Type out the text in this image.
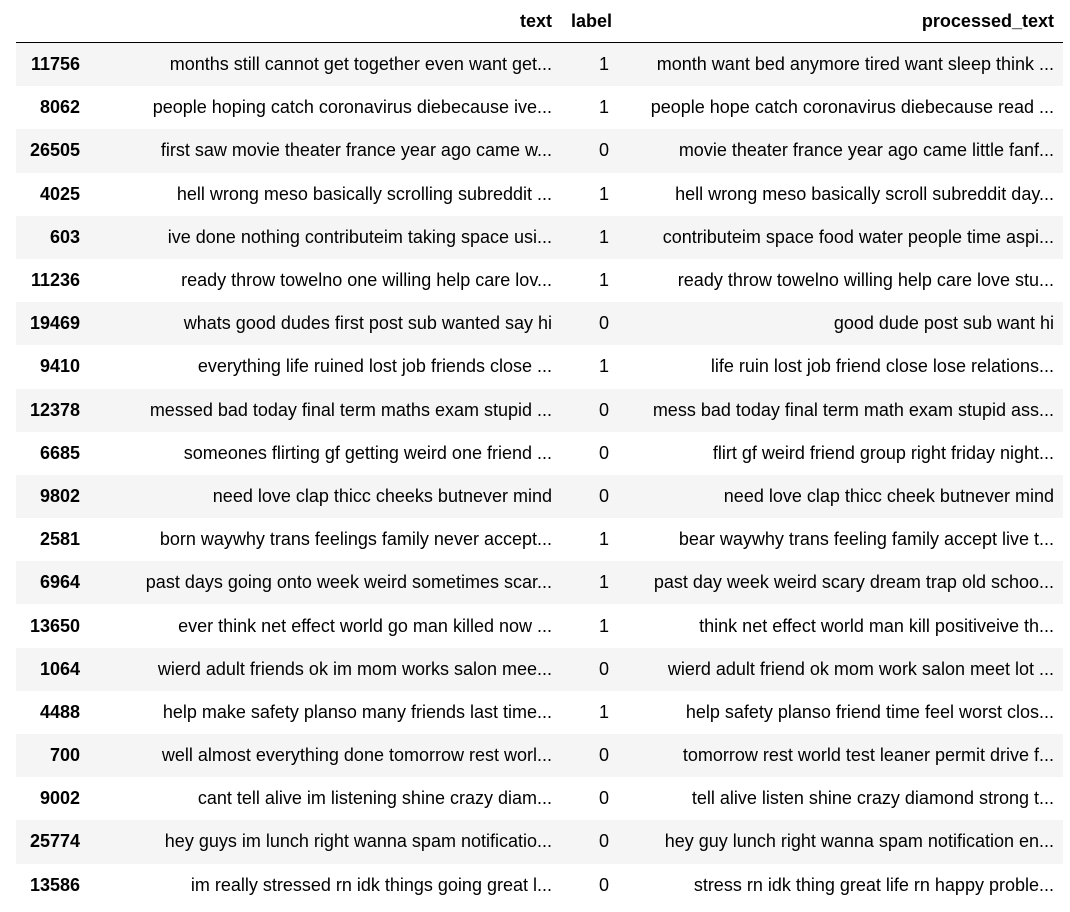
	text	label	processed_text
11756	months still cannot get together even want get...	1	month want bed anymore tired want sleep think ...
8062	people hoping catch coronavirus diebecause ive...	1	people hope catch coronavirus diebecause read ...
26505	first saw movie theater france year ago came w...	0	movie theater france year ago came little fanf...
4025	hell wrong meso basically scrolling subreddit ...	1	hell wrong meso basically scroll subreddit day...
603	ive done nothing contributeim taking space usi...	1	contributeim space food water people time aspi...
11236	ready throw towelno one willing help care lov...	1	ready throw towelno willing help care love stu...
19469	whats good dudes first post sub wanted say hi	0	good dude post sub want hi
9410	everything life ruined lost job friends close ...	1	life ruin lost job friend close lose relations...
12378	messed bad today final term maths exam stupid ...	0	mess bad today final term math exam stupid ass...
6685	someones flirting gf getting weird one friend ...	0	flirt gf weird friend group right friday night...
9802	need love clap thicc cheeks butnever mind	0	need love clap thicc cheek butnever mind
2581	born waywhy trans feelings family never accept...	1	bear waywhy trans feeling family accept live t...
6964	past days going onto week weird sometimes scar...	1	past day week weird scary dream trap old schoo...
13650	ever think net effect world go man killed now ...	1	think net effect world man kill positiveive th...
1064	wierd adult friends ok im mom works salon mee...	0	wierd adult friend ok mom work salon meet lot ...
4488	help make safety planso many friends last time...	1	help safety planso friend time feel worst clos...
700	well almost everything done tomorrow rest worl...	0	tomorrow rest world test leaner permit drive f...
9002	cant tell alive im listening shine crazy diam...	0	tell alive listen shine crazy diamond strong t...
25774	hey guys im lunch right wanna spam notificatio...	0	hey guy lunch right wanna spam notification en...
13586	im really stressed rn idk things going great l...	0	stress rn idk thing great life rn happy proble...
